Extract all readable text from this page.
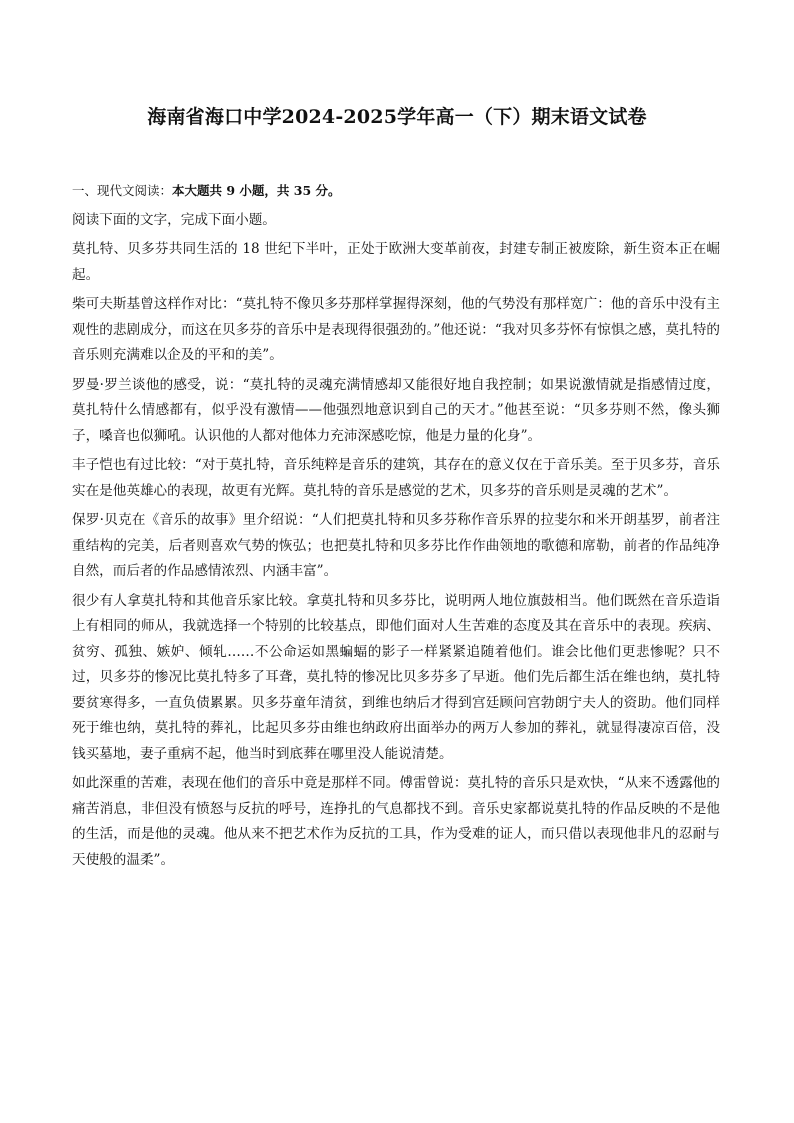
海南省海口中学2024-2025学年高一（下）期末语文试卷

一、现代文阅读：本大题共 9 小题，共 35 分。

阅读下面的文字，完成下面小题。

莫扎特、贝多芬共同生活的 18 世纪下半叶，正处于欧洲大变革前夜，封建专制正被废除，新生资本正在崛起。

柴可夫斯基曾这样作对比：“莫扎特不像贝多芬那样掌握得深刻，他的气势没有那样宽广：他的音乐中没有主观性的悲剧成分，而这在贝多芬的音乐中是表现得很强劲的。”他还说：“我对贝多芬怀有惊惧之感，莫扎特的音乐则充满难以企及的平和的美”。

罗曼·罗兰谈他的感受，说：“莫扎特的灵魂充满情感却又能很好地自我控制；如果说激情就是指感情过度，莫扎特什么情感都有，似乎没有激情——他强烈地意识到自己的天才。”他甚至说：“贝多芬则不然，像头狮子，嗓音也似狮吼。认识他的人都对他体力充沛深感吃惊，他是力量的化身”。

丰子恺也有过比较：“对于莫扎特，音乐纯粹是音乐的建筑，其存在的意义仅在于音乐美。至于贝多芬，音乐实在是他英雄心的表现，故更有光辉。莫扎特的音乐是感觉的艺术，贝多芬的音乐则是灵魂的艺术”。

保罗·贝克在《音乐的故事》里介绍说：“人们把莫扎特和贝多芬称作音乐界的拉斐尔和米开朗基罗，前者注重结构的完美，后者则喜欢气势的恢弘；也把莫扎特和贝多芬比作作曲领地的歌德和席勒，前者的作品纯净自然，而后者的作品感情浓烈、内涵丰富”。

很少有人拿莫扎特和其他音乐家比较。拿莫扎特和贝多芬比，说明两人地位旗鼓相当。他们既然在音乐造诣上有相同的师从，我就选择一个特别的比较基点，即他们面对人生苦难的态度及其在音乐中的表现。疾病、贫穷、孤独、嫉妒、倾轧……不公命运如黑蝙蝠的影子一样紧紧追随着他们。谁会比他们更悲惨呢？只不过，贝多芬的惨况比莫扎特多了耳聋，莫扎特的惨况比贝多芬多了早逝。他们先后都生活在维也纳，莫扎特要贫寒得多，一直负债累累。贝多芬童年清贫，到维也纳后才得到宫廷顾问宫勃朗宁夫人的资助。他们同样死于维也纳，莫扎特的葬礼，比起贝多芬由维也纳政府出面举办的两万人参加的葬礼，就显得凄凉百倍，没钱买墓地，妻子重病不起，他当时到底葬在哪里没人能说清楚。

如此深重的苦难，表现在他们的音乐中竟是那样不同。傅雷曾说：莫扎特的音乐只是欢快，“从来不透露他的痛苦消息，非但没有愤怒与反抗的呼号，连挣扎的气息都找不到。音乐史家都说莫扎特的作品反映的不是他的生活，而是他的灵魂。他从来不把艺术作为反抗的工具，作为受难的证人，而只借以表现他非凡的忍耐与天使般的温柔”。
